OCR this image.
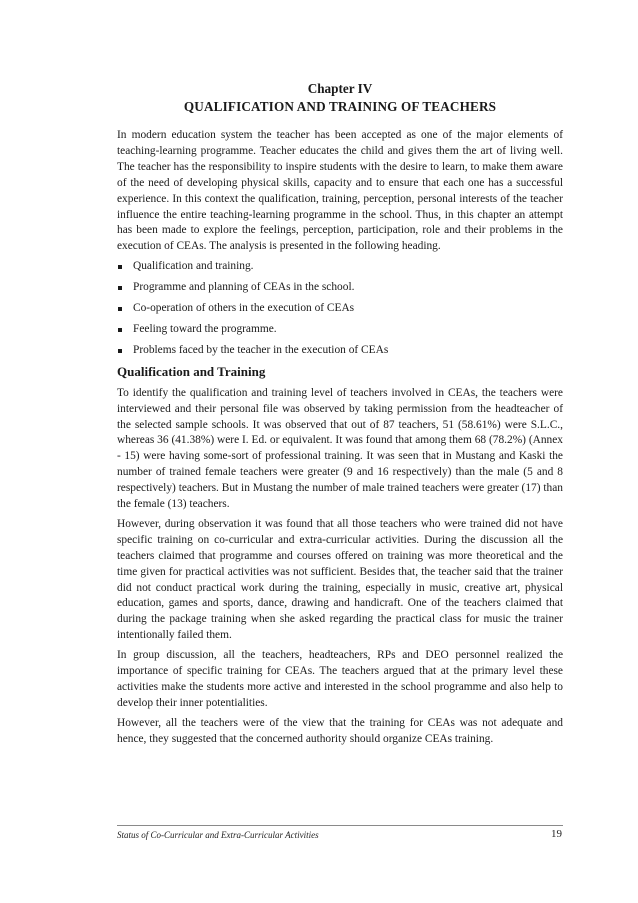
Chapter IV
QUALIFICATION AND TRAINING OF TEACHERS

In modern education system the teacher has been accepted as one of the major elements of teaching-learning programme. Teacher educates the child and gives them the art of living well. The teacher has the responsibility to inspire students with the desire to learn, to make them aware of the need of developing physical skills, capacity and to ensure that each one has a successful experience. In this context the qualification, training, perception, personal interests of the teacher influence the entire teaching-learning programme in the school. Thus, in this chapter an attempt has been made to explore the feelings, perception, participation, role and their problems in the execution of CEAs. The analysis is presented in the following heading.

Qualification and training.
Programme and planning of CEAs in the school.
Co-operation of others in the execution of CEAs
Feeling toward the programme.
Problems faced by the teacher in the execution of CEAs
Qualification and Training

To identify the qualification and training level of teachers involved in CEAs, the teachers were interviewed and their personal file was observed by taking permission from the headteacher of the selected sample schools. It was observed that out of 87 teachers, 51 (58.61%) were S.L.C., whereas 36 (41.38%) were I. Ed. or equivalent. It was found that among them 68 (78.2%) (Annex - 15) were having some-sort of professional training. It was seen that in Mustang and Kaski the number of trained female teachers were greater (9 and 16 respectively) than the male (5 and 8 respectively) teachers. But in Mustang the number of male trained teachers were greater (17) than the female (13) teachers.

However, during observation it was found that all those teachers who were trained did not have specific training on co-curricular and extra-curricular activities. During the discussion all the teachers claimed that programme and courses offered on training was more theoretical and the time given for practical activities was not sufficient. Besides that, the teacher said that the trainer did not conduct practical work during the training, especially in music, creative art, physical education, games and sports, dance, drawing and handicraft. One of the teachers claimed that during the package training when she asked regarding the practical class for music the trainer intentionally failed them.

In group discussion, all the teachers, headteachers, RPs and DEO personnel realized the importance of specific training for CEAs. The teachers argued that at the primary level these activities make the students more active and interested in the school programme and also help to develop their inner potentialities.

However, all the teachers were of the view that the training for CEAs was not adequate and hence, they suggested that the concerned authority should organize CEAs training.

Status of Co-Curricular and Extra-Curricular Activities	19
